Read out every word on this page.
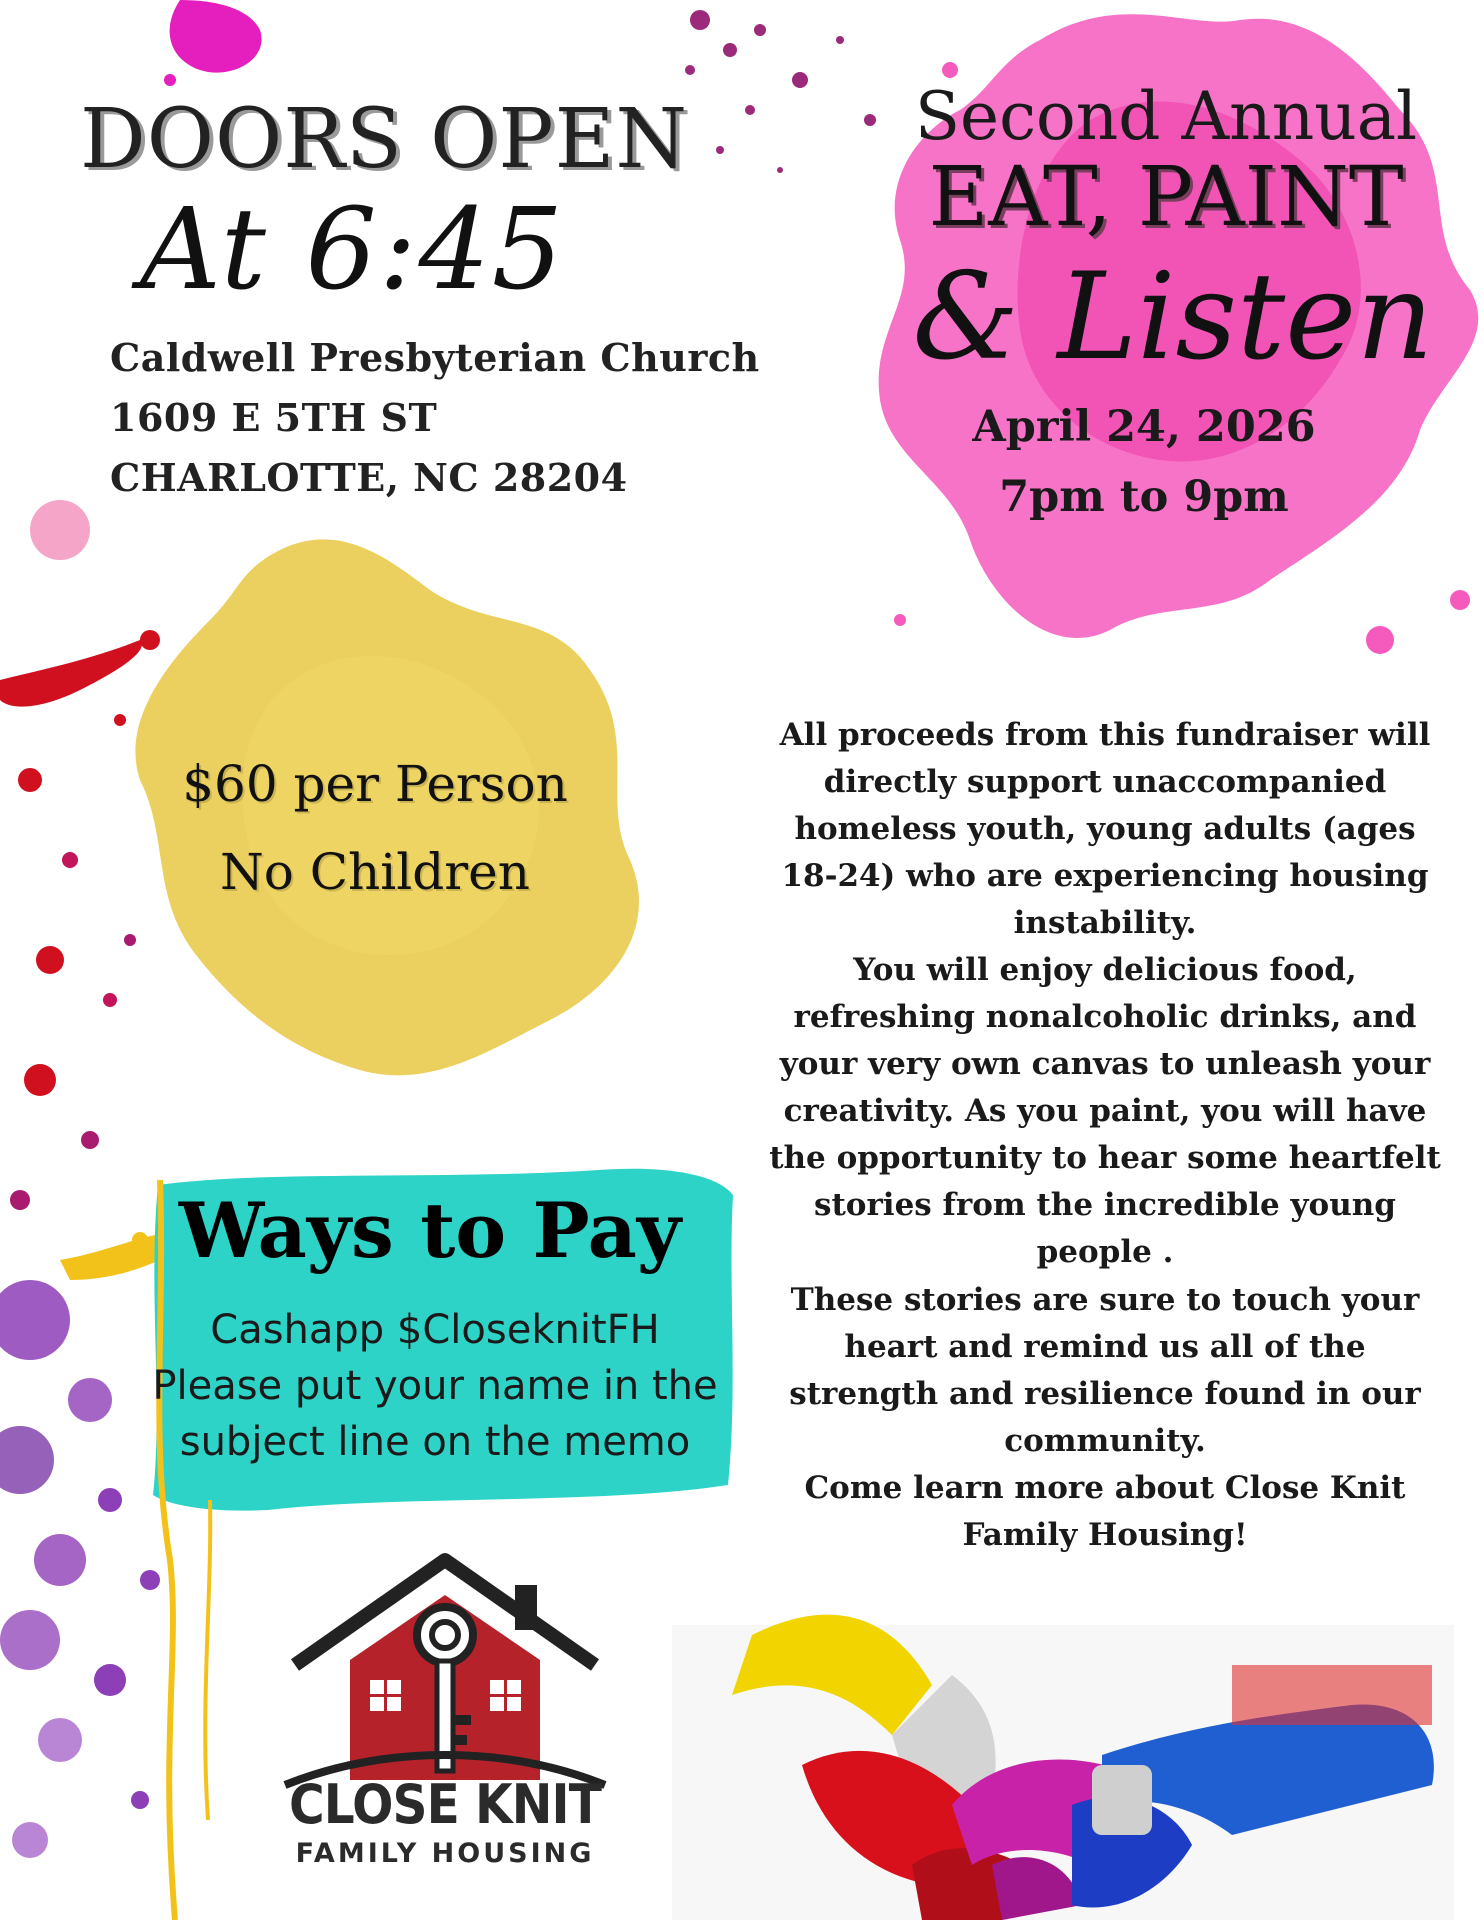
DOORS OPEN
At 6:45
Caldwell Presbyterian Church
1609 E 5TH ST
CHARLOTTE, NC 28204
Second Annual
EAT, PAINT
& Listen
April 24, 2026
7pm to 9pm
$60 per Person
No Children
Ways to Pay
Cashapp $CloseknitFH
Please put your name in the
subject line on the memo
All proceeds from this fundraiser will directly support unaccompanied homeless youth, young adults (ages 18-24) who are experiencing housing instability.
You will enjoy delicious food, refreshing nonalcoholic drinks, and your very own canvas to unleash your creativity. As you paint, you will have the opportunity to hear some heartfelt stories from the incredible young people .
These stories are sure to touch your heart and remind us all of the strength and resilience found in our community.
Come learn more about Close Knit Family Housing!
CLOSE KNIT
FAMILY HOUSING
